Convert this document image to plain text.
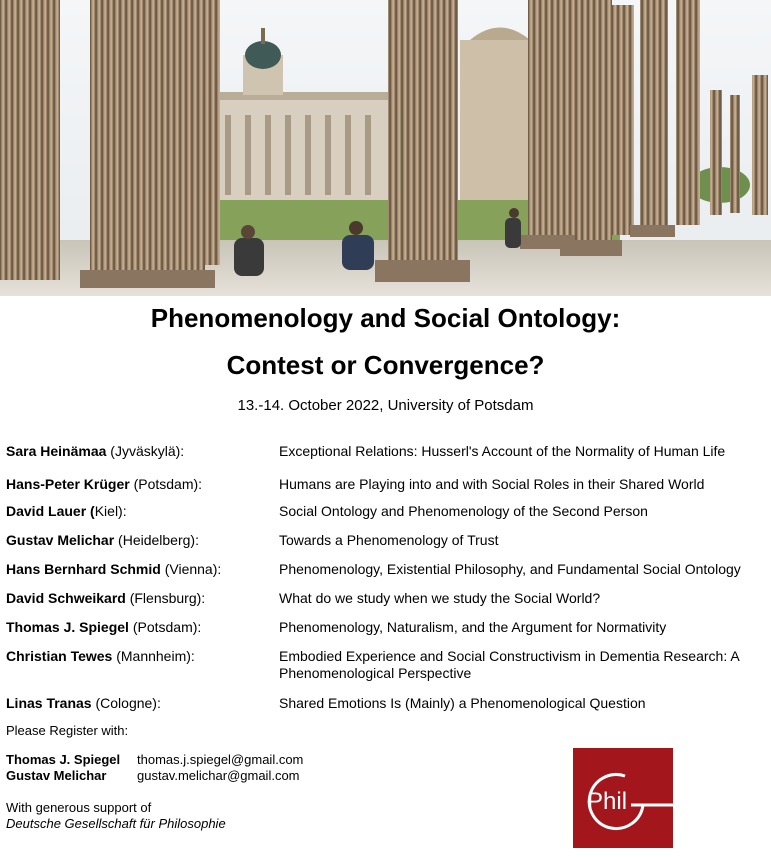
Phenomenology and Social Ontology:
Contest or Convergence?
13.-14. October 2022, University of Potsdam
Sara Heinämaa (Jyväskylä):	Exceptional Relations: Husserl's Account of the Normality of Human Life
Hans-Peter Krüger (Potsdam):	Humans are Playing into and with Social Roles in their Shared World
David Lauer (Kiel):	Social Ontology and Phenomenology of the Second Person
Gustav Melichar (Heidelberg):	Towards a Phenomenology of Trust
Hans Bernhard Schmid (Vienna):	Phenomenology, Existential Philosophy, and Fundamental Social Ontology
David Schweikard (Flensburg):	What do we study when we study the Social World?
Thomas J. Spiegel (Potsdam):	Phenomenology, Naturalism, and the Argument for Normativity
Christian Tewes (Mannheim):	Embodied Experience and Social Constructivism in Dementia Research: A Phenomenological Perspective
Linas Tranas (Cologne):	Shared Emotions Is (Mainly) a Phenomenological Question
Please Register with:
Thomas J. Spiegel	thomas.j.spiegel@gmail.com
Gustav Melichar	gustav.melichar@gmail.com
With generous support of
Deutsche Gesellschaft für Philosophie
Phil
